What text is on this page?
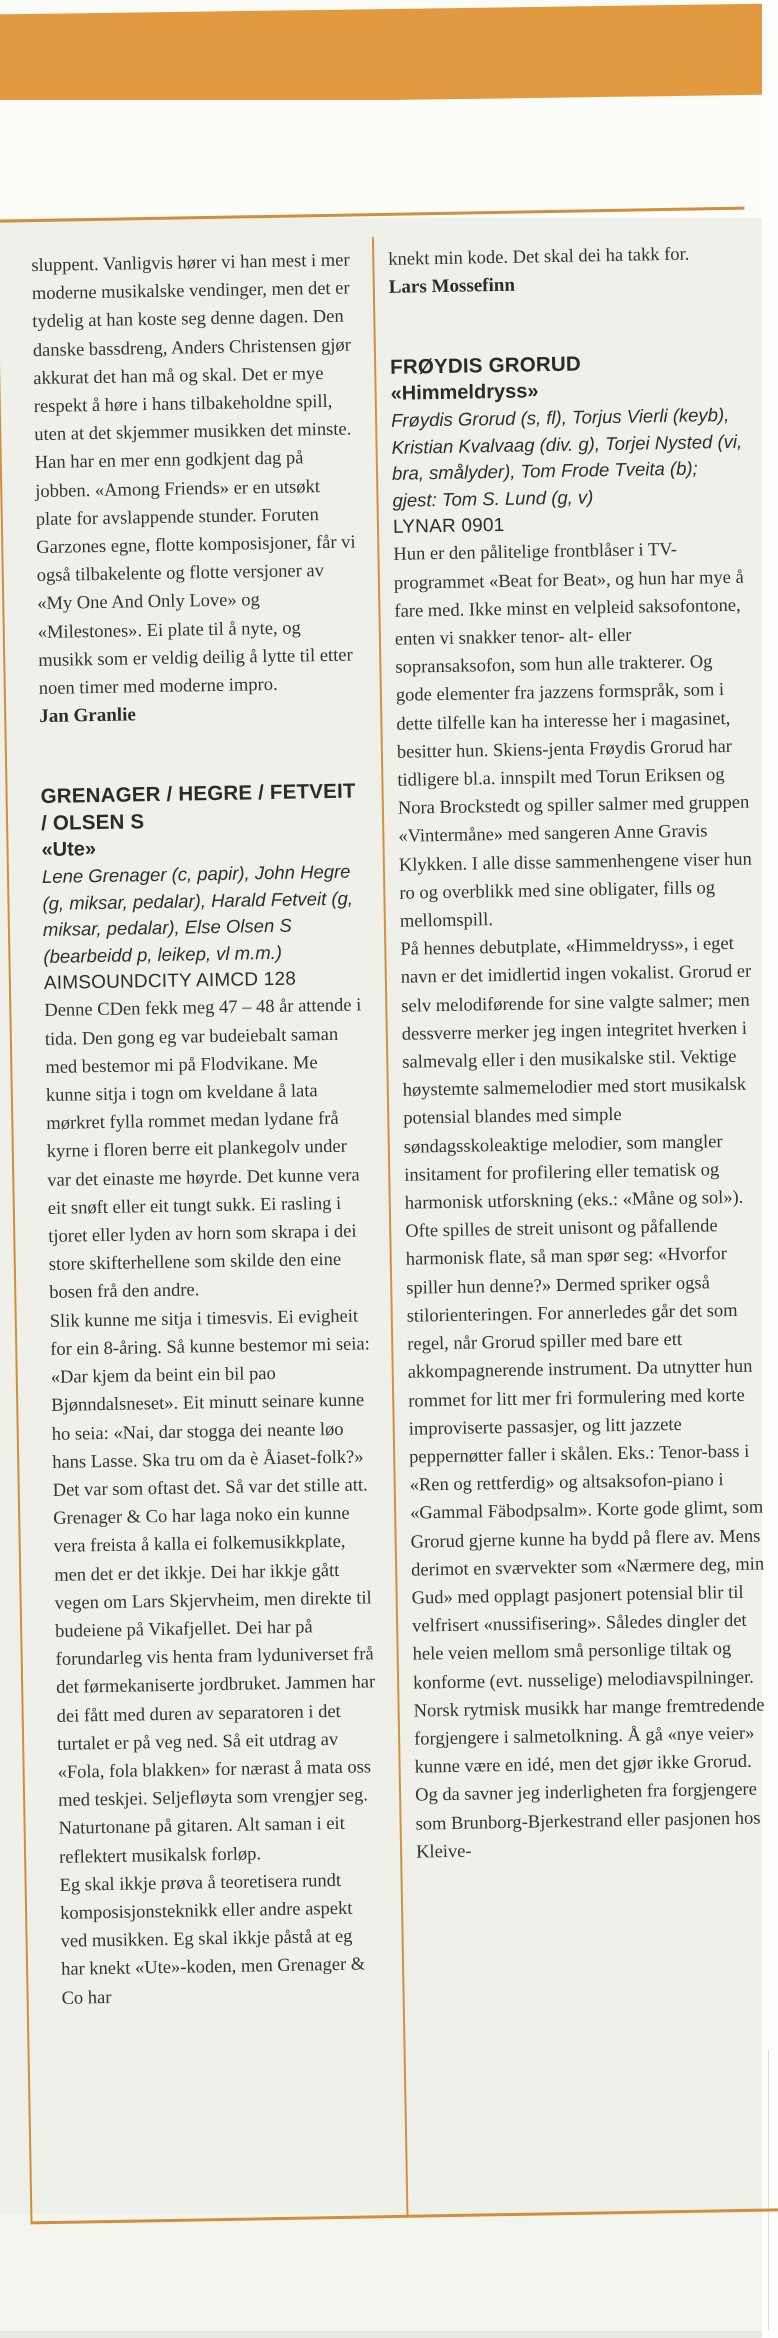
sluppent. Vanligvis hører vi han mest i mer moderne musikalske vendinger, men det er tydelig at han koste seg denne dagen. Den danske bassdreng, Anders Christensen gjør akkurat det han må og skal. Det er mye respekt å høre i hans tilbakeholdne spill, uten at det skjemmer musikken det minste. Han har en mer enn godkjent dag på jobben. «Among Friends» er en utsøkt plate for avslappende stunder. Foruten Garzones egne, flotte komposisjoner, får vi også tilbakelente og flotte versjoner av «My One And Only Love» og «Milestones». Ei plate til å nyte, og musikk som er veldig deilig å lytte til etter noen timer med moderne impro.

Jan Granlie

GRENAGER / HEGRE / FETVEIT / OLSEN S
«Ute»

Lene Grenager (c, papir), John Hegre (g, miksar, pedalar), Harald Fetveit (g, miksar, pedalar), Else Olsen S (bearbeidd p, leikep, vl m.m.)

AIMSOUNDCITY AIMCD 128

Denne CDen fekk meg 47 – 48 år attende i tida. Den gong eg var budeiebalt saman med bestemor mi på Flodvikane. Me kunne sitja i togn om kveldane å lata mørkret fylla rommet medan lydane frå kyrne i floren berre eit plankegolv under var det einaste me høyrde. Det kunne vera eit snøft eller eit tungt sukk. Ei rasling i tjoret eller lyden av horn som skrapa i dei store skifterhellene som skilde den eine bosen frå den andre.

Slik kunne me sitja i timesvis. Ei evigheit for ein 8-åring. Så kunne bestemor mi seia: «Dar kjem da beint ein bil pao Bjønndalsneset». Eit minutt seinare kunne ho seia: «Nai, dar stogga dei neante løo hans Lasse. Ska tru om da è Åiaset-folk?» Det var som oftast det. Så var det stille att.

Grenager & Co har laga noko ein kunne vera freista å kalla ei folkemusikkplate, men det er det ikkje. Dei har ikkje gått vegen om Lars Skjervheim, men direkte til budeiene på Vikafjellet. Dei har på forundarleg vis henta fram lyduniverset frå det førmekaniserte jordbruket. Jammen har dei fått med duren av separatoren i det turtalet er på veg ned. Så eit utdrag av «Fola, fola blakken» for nærast å mata oss med teskjei. Seljefløyta som vrengjer seg. Naturtonane på gitaren. Alt saman i eit reflektert musikalsk forløp.

Eg skal ikkje prøva å teoretisera rundt komposisjonsteknikk eller andre aspekt ved musikken. Eg skal ikkje påstå at eg har knekt «Ute»-koden, men Grenager & Co har

knekt min kode. Det skal dei ha takk for.

Lars Mossefinn

FRØYDIS GRORUD
«Himmeldryss»

Frøydis Grorud (s, fl), Torjus Vierli (keyb), Kristian Kvalvaag (div. g), Torjei Nysted (vi, bra, smålyder), Tom Frode Tveita (b); gjest: Tom S. Lund (g, v)

LYNAR 0901

Hun er den pålitelige frontblåser i TV-programmet «Beat for Beat», og hun har mye å fare med. Ikke minst en velpleid saksofontone, enten vi snakker tenor- alt- eller sopransaksofon, som hun alle trakterer. Og gode elementer fra jazzens formspråk, som i dette tilfelle kan ha interesse her i magasinet, besitter hun. Skiens-jenta Frøydis Grorud har tidligere bl.a. innspilt med Torun Eriksen og Nora Brockstedt og spiller salmer med gruppen «Vintermåne» med sangeren Anne Gravis Klykken. I alle disse sammenhengene viser hun ro og overblikk med sine obligater, fills og mellomspill.

På hennes debutplate, «Himmeldryss», i eget navn er det imidlertid ingen vokalist. Grorud er selv melodiførende for sine valgte salmer; men dessverre merker jeg ingen integritet hverken i salmevalg eller i den musikalske stil. Vektige høystemte salmemelodier med stort musikalsk potensial blandes med simple søndagsskoleaktige melodier, som mangler insitament for profilering eller tematisk og harmonisk utforskning (eks.: «Måne og sol»). Ofte spilles de streit unisont og påfallende harmonisk flate, så man spør seg: «Hvorfor spiller hun denne?» Dermed spriker også stilorienteringen. For annerledes går det som regel, når Grorud spiller med bare ett akkompagnerende instrument. Da utnytter hun rommet for litt mer fri formulering med korte improviserte passasjer, og litt jazzete peppernøtter faller i skålen. Eks.: Tenor-bass i «Ren og rettferdig» og altsaksofon-piano i «Gammal Fäbodpsalm». Korte gode glimt, som Grorud gjerne kunne ha bydd på flere av. Mens derimot en sværvekter som «Nærmere deg, min Gud» med opplagt pasjonert potensial blir til velfrisert «nussifisering». Således dingler det hele veien mellom små personlige tiltak og konforme (evt. nusselige) melodiavspilninger.

Norsk rytmisk musikk har mange fremtredende forgjengere i salmetolkning. Å gå «nye veier» kunne være en idé, men det gjør ikke Grorud. Og da savner jeg inderligheten fra forgjengere som Brunborg-Bjerkestrand eller pasjonen hos Kleive-
